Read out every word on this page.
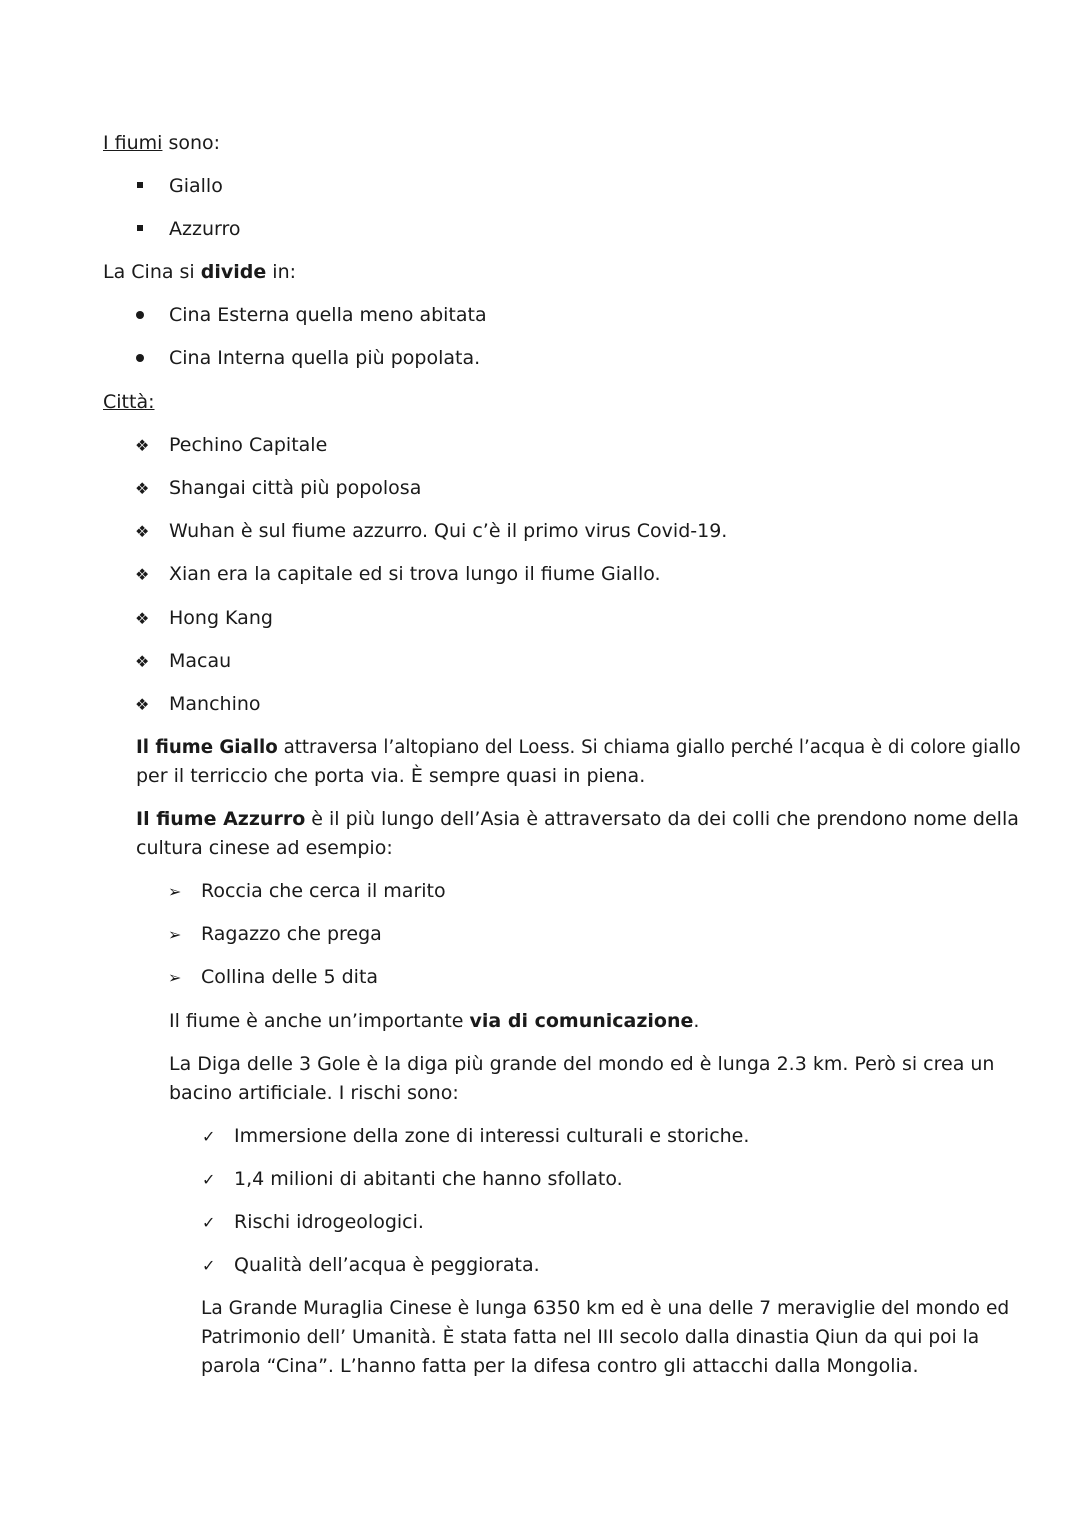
I fiumi sono:
Giallo
Azzurro
La Cina si divide in:
Cina Esterna quella meno abitata
Cina Interna quella più popolata.
Città:
❖ Pechino Capitale
❖ Shangai città più popolosa
❖ Wuhan è sul fiume azzurro. Qui c’è il primo virus Covid-19.
❖ Xian era la capitale ed si trova lungo il fiume Giallo.
❖ Hong Kang
❖ Macau
❖ Manchino
Il fiume Giallo attraversa l’altopiano del Loess. Si chiama giallo perché l’acqua è di colore giallo
per il terriccio che porta via. È sempre quasi in piena.
Il fiume Azzurro è il più lungo dell’Asia è attraversato da dei colli che prendono nome della
cultura cinese ad esempio:
➢ Roccia che cerca il marito
➢ Ragazzo che prega
➢ Collina delle 5 dita
Il fiume è anche un’importante via di comunicazione.
La Diga delle 3 Gole è la diga più grande del mondo ed è lunga 2.3 km. Però si crea un
bacino artificiale. I rischi sono:
✓ Immersione della zone di interessi culturali e storiche.
✓ 1,4 milioni di abitanti che hanno sfollato.
✓ Rischi idrogeologici.
✓ Qualità dell’acqua è peggiorata.
La Grande Muraglia Cinese è lunga 6350 km ed è una delle 7 meraviglie del mondo ed
Patrimonio dell’ Umanità. È stata fatta nel III secolo dalla dinastia Qiun da qui poi la
parola “Cina”. L’hanno fatta per la difesa contro gli attacchi dalla Mongolia.
